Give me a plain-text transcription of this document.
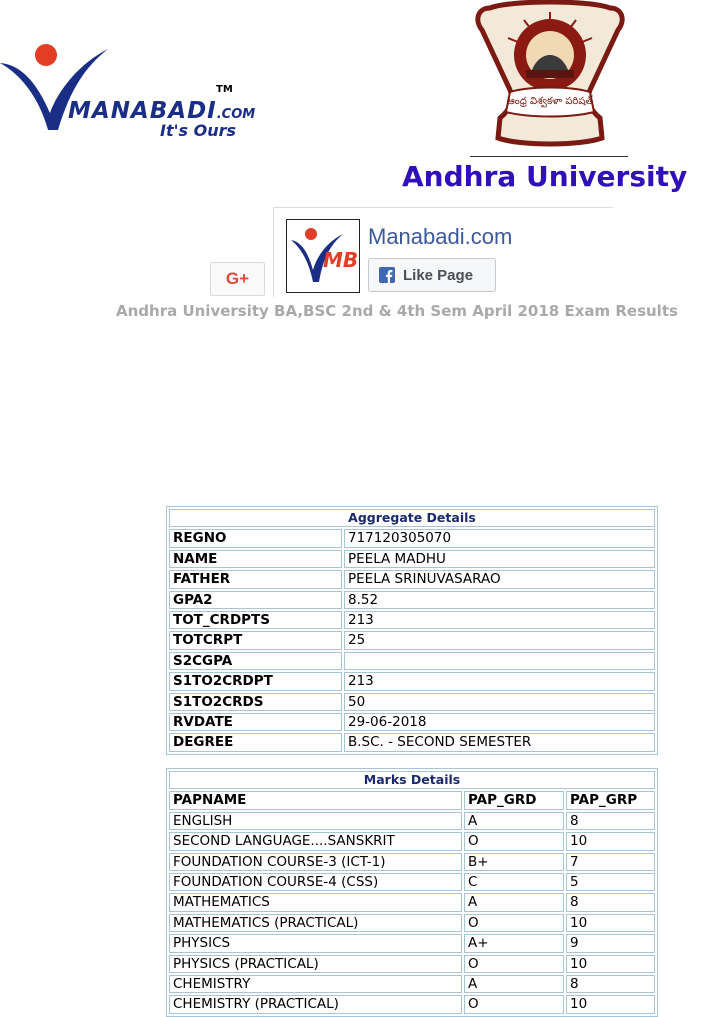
TM
MANABADI.COM
It's Ours
ఆంధ్ర విశ్వకళా పరిషత్
Andhra University
MB
Manabadi.com
Like Page
G+
Andhra University BA,BSC 2nd & 4th Sem April 2018 Exam Results
Aggregate Details	
REGNO	717120305070
NAME	PEELA MADHU
FATHER	PEELA SRINUVASARAO
GPA2	8.52
TOT_CRDPTS	213
TOTCRPT	25
S2CGPA	
S1TO2CRDPT	213
S1TO2CRDS	50
RVDATE	29-06-2018
DEGREE	B.SC. - SECOND SEMESTER
Marks Details		
PAPNAME	PAP_GRD	PAP_GRP
ENGLISH	A	8
SECOND LANGUAGE....SANSKRIT	O	10
FOUNDATION COURSE-3 (ICT-1)	B+	7
FOUNDATION COURSE-4 (CSS)	C	5
MATHEMATICS	A	8
MATHEMATICS (PRACTICAL)	O	10
PHYSICS	A+	9
PHYSICS (PRACTICAL)	O	10
CHEMISTRY	A	8
CHEMISTRY (PRACTICAL)	O	10
